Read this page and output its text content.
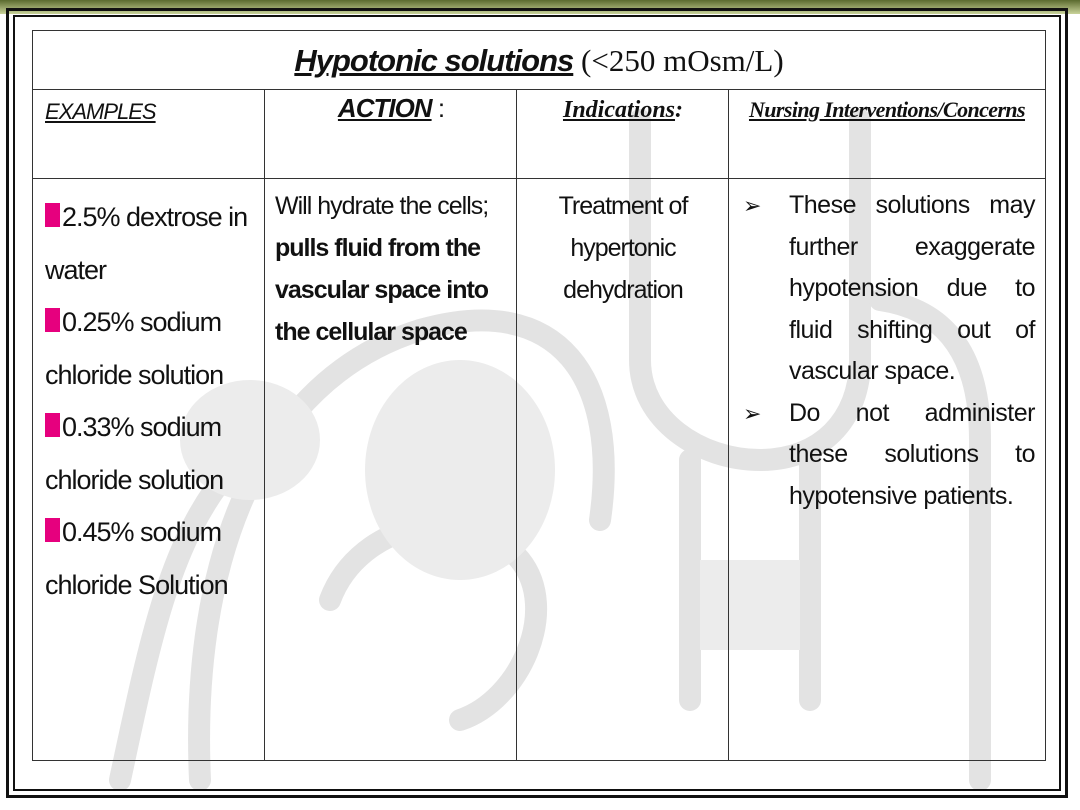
Hypotonic solutions (<250 mOsm/L)
EXAMPLES
2.5% dextrose in water
0.25% sodium chloride solution
0.33% sodium chloride solution
0.45% sodium chloride Solution
ACTION :
Will hydrate the cells;
pulls fluid from the vascular space into the cellular space
Indications:
Treatment of hypertonic dehydration
Nursing Interventions/Concerns
➢ These solutions may further exaggerate hypotension due to fluid shifting out of vascular space.
➢ Do not administer these solutions to hypotensive patients.
